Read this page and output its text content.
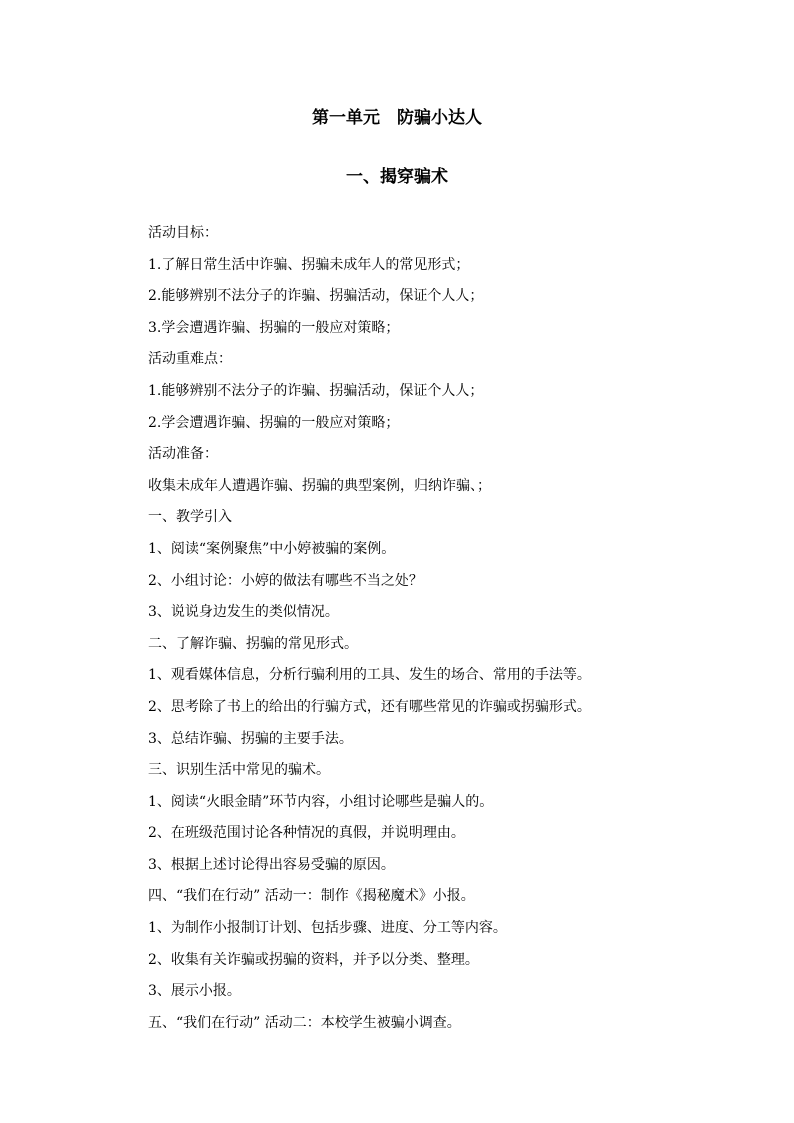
第一单元　防骗小达人
一、揭穿骗术
活动目标：
1.了解日常生活中诈骗、拐骗未成年人的常见形式；
2.能够辨别不法分子的诈骗、拐骗活动，保证个人人；
3.学会遭遇诈骗、拐骗的一般应对策略；
活动重难点：
1.能够辨别不法分子的诈骗、拐骗活动，保证个人人；
2.学会遭遇诈骗、拐骗的一般应对策略；
活动准备：
收集未成年人遭遇诈骗、拐骗的典型案例，归纳诈骗、；
一、教学引入
1、阅读“案例聚焦”中小婷被骗的案例。
2、小组讨论：小婷的做法有哪些不当之处？
3、说说身边发生的类似情况。
二、了解诈骗、拐骗的常见形式。
1、观看媒体信息，分析行骗利用的工具、发生的场合、常用的手法等。
2、思考除了书上的给出的行骗方式，还有哪些常见的诈骗或拐骗形式。
3、总结诈骗、拐骗的主要手法。
三、识别生活中常见的骗术。
1、阅读“火眼金睛”环节内容，小组讨论哪些是骗人的。
2、在班级范围讨论各种情况的真假，并说明理由。
3、根据上述讨论得出容易受骗的原因。
四、“我们在行动” 活动一：制作《揭秘魔术》小报。
1、为制作小报制订计划、包括步骤、进度、分工等内容。
2、收集有关诈骗或拐骗的资料，并予以分类、整理。
3、展示小报。
五、“我们在行动” 活动二：本校学生被骗小调查。
